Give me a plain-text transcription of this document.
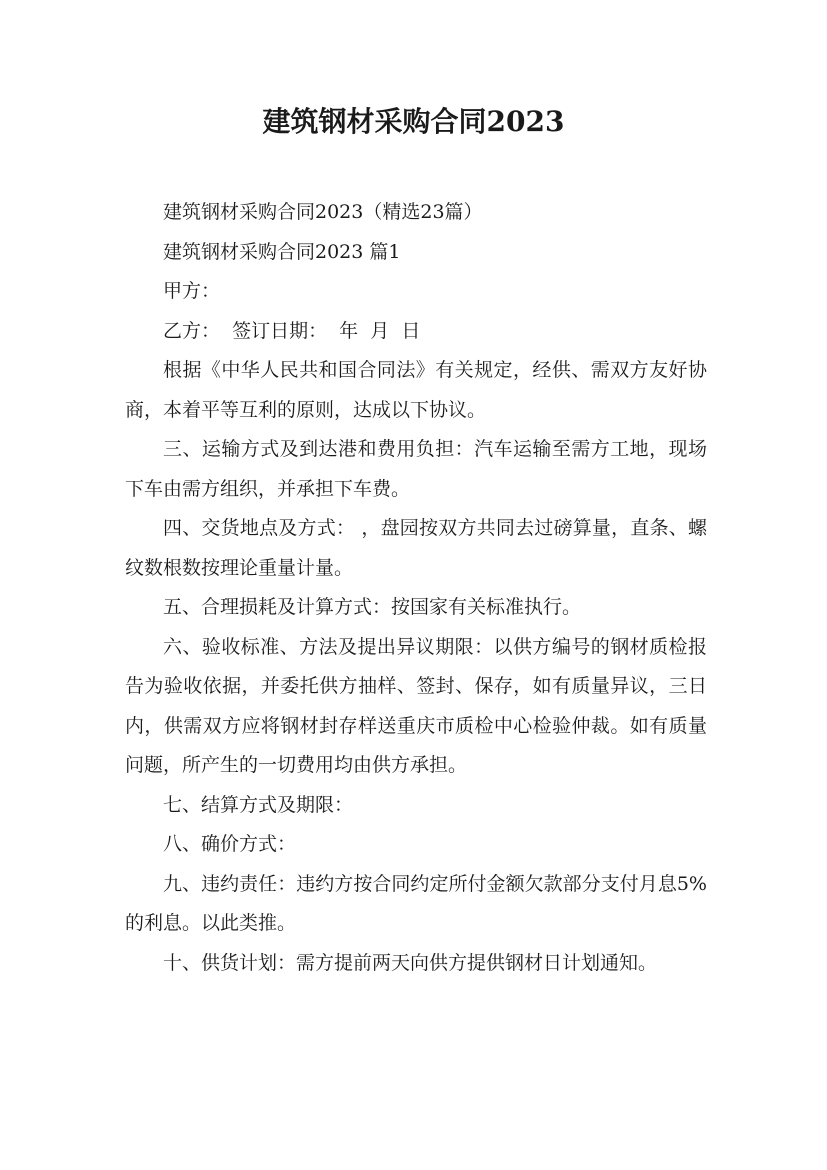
建筑钢材采购合同2023

建筑钢材采购合同2023（精选23篇）

建筑钢材采购合同2023 篇1

甲方：

乙方：  签订日期：  年  月  日

根据《中华人民共和国合同法》有关规定，经供、需双方友好协商，本着平等互利的原则，达成以下协议。

三、运输方式及到达港和费用负担：汽车运输至需方工地，现场下车由需方组织，并承担下车费。

四、交货地点及方式： ，盘园按双方共同去过磅算量，直条、螺纹数根数按理论重量计量。

五、合理损耗及计算方式：按国家有关标准执行。

六、验收标准、方法及提出异议期限：以供方编号的钢材质检报告为验收依据，并委托供方抽样、签封、保存，如有质量异议，三日内，供需双方应将钢材封存样送重庆市质检中心检验仲裁。如有质量问题，所产生的一切费用均由供方承担。

七、结算方式及期限：

八、确价方式：

九、违约责任：违约方按合同约定所付金额欠款部分支付月息5%的利息。以此类推。

十、供货计划：需方提前两天向供方提供钢材日计划通知。
